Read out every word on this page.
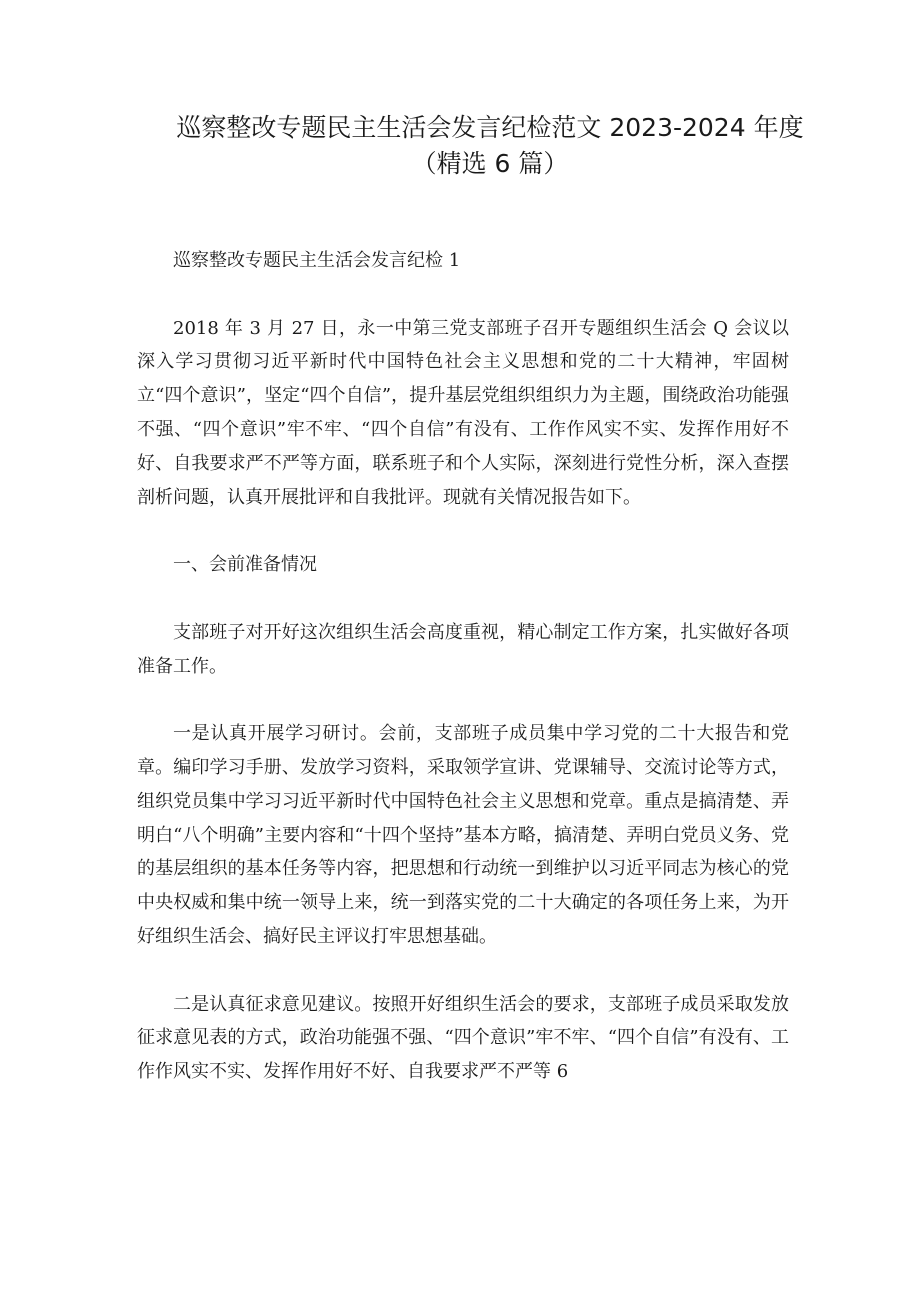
巡察整改专题民主生活会发言纪检范文 2023-2024 年度
（精选 6 篇）

巡察整改专题民主生活会发言纪检 1

2018 年 3 月 27 日，永一中第三党支部班子召开专题组织生活会 Q 会议以深入学习贯彻习近平新时代中国特色社会主义思想和党的二十大精神，牢固树立“四个意识”，坚定“四个自信”，提升基层党组织组织力为主题，围绕政治功能强不强、“四个意识”牢不牢、“四个自信”有没有、工作作风实不实、发挥作用好不好、自我要求严不严等方面，联系班子和个人实际，深刻进行党性分析，深入查摆剖析问题，认真开展批评和自我批评。现就有关情况报告如下。

一、会前准备情况

支部班子对开好这次组织生活会高度重视，精心制定工作方案，扎实做好各项准备工作。

一是认真开展学习研讨。会前，支部班子成员集中学习党的二十大报告和党章。编印学习手册、发放学习资料，采取领学宣讲、党课辅导、交流讨论等方式，组织党员集中学习习近平新时代中国特色社会主义思想和党章。重点是搞清楚、弄明白“八个明确”主要内容和“十四个坚持”基本方略，搞清楚、弄明白党员义务、党的基层组织的基本任务等内容，把思想和行动统一到维护以习近平同志为核心的党中央权威和集中统一领导上来，统一到落实党的二十大确定的各项任务上来，为开好组织生活会、搞好民主评议打牢思想基础。

二是认真征求意见建议。按照开好组织生活会的要求，支部班子成员采取发放征求意见表的方式，政治功能强不强、“四个意识”牢不牢、“四个自信”有没有、工作作风实不实、发挥作用好不好、自我要求严不严等 6
